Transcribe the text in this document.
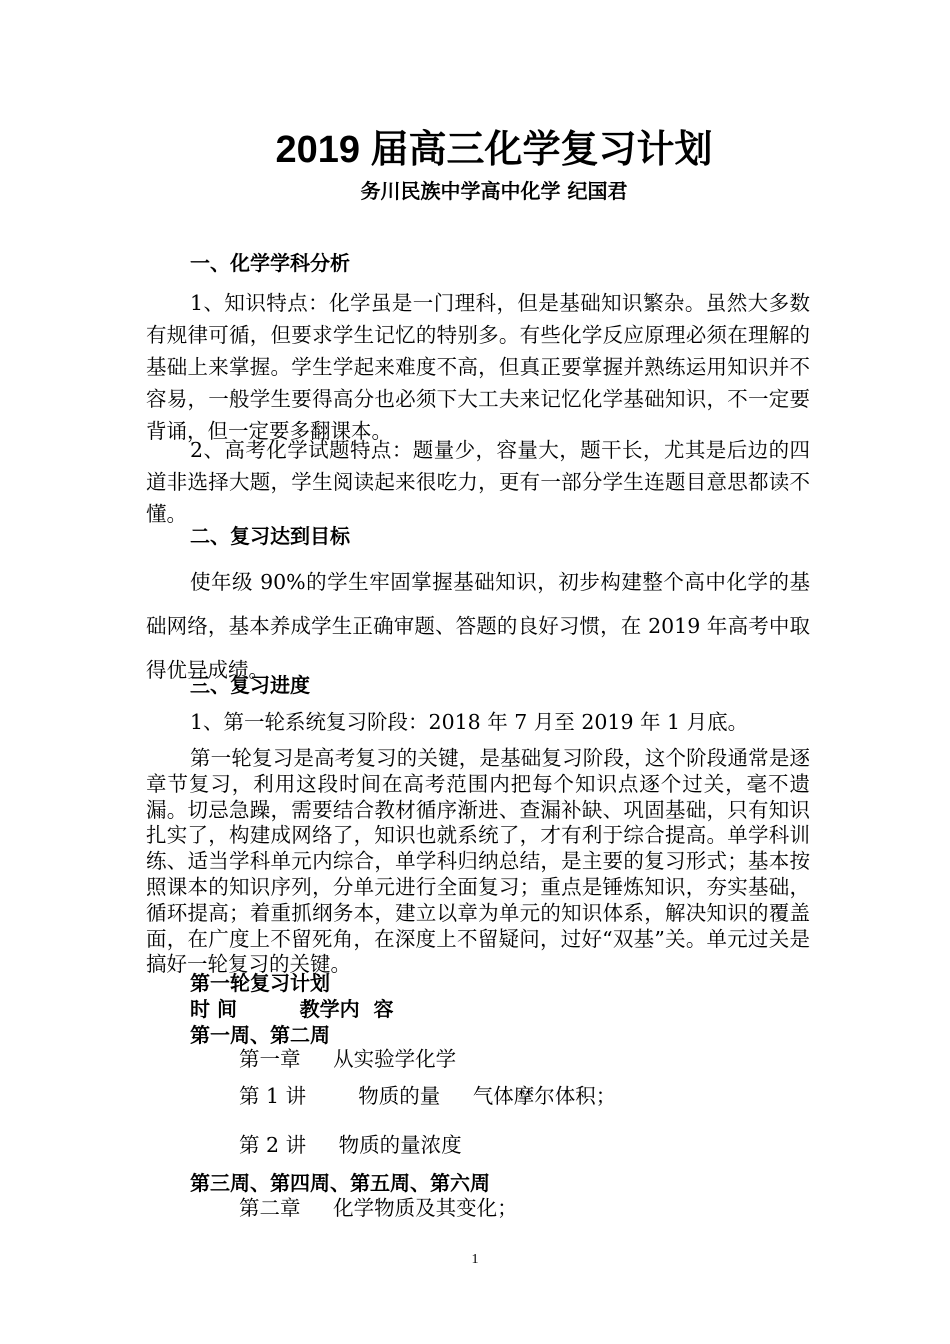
2019 届高三化学复习计划
务川民族中学高中化学 纪国君

一、化学学科分析

1、知识特点：化学虽是一门理科，但是基础知识繁杂。虽然大多数有规律可循，但要求学生记忆的特别多。有些化学反应原理必须在理解的基础上来掌握。学生学起来难度不高，但真正要掌握并熟练运用知识并不容易，一般学生要得高分也必须下大工夫来记忆化学基础知识，不一定要背诵，但一定要多翻课本。

2、高考化学试题特点：题量少，容量大，题干长，尤其是后边的四道非选择大题，学生阅读起来很吃力，更有一部分学生连题目意思都读不懂。

二、复习达到目标

使年级 90%的学生牢固掌握基础知识，初步构建整个高中化学的基础网络，基本养成学生正确审题、答题的良好习惯，在 2019 年高考中取得优异成绩。

三、复习进度

1、第一轮系统复习阶段：2018 年 7 月至 2019 年 1 月底。

第一轮复习是高考复习的关键，是基础复习阶段，这个阶段通常是逐章节复习，利用这段时间在高考范围内把每个知识点逐个过关，毫不遗漏。切忌急躁，需要结合教材循序渐进、查漏补缺、巩固基础，只有知识扎实了，构建成网络了，知识也就系统了，才有利于综合提高。单学科训练、适当学科单元内综合，单学科归纳总结，是主要的复习形式；基本按照课本的知识序列，分单元进行全面复习；重点是锤炼知识，夯实基础，循环提高；着重抓纲务本，建立以章为单元的知识体系，解决知识的覆盖面，在广度上不留死角，在深度上不留疑问，过好“双基”关。单元过关是搞好一轮复习的关键。

第一轮复习计划

时 间         教学内  容

第一周、第二周

第一章     从实验学化学

第 1 讲        物质的量     气体摩尔体积；

第 2 讲     物质的量浓度

第三周、第四周、第五周、第六周

第二章     化学物质及其变化；

1
